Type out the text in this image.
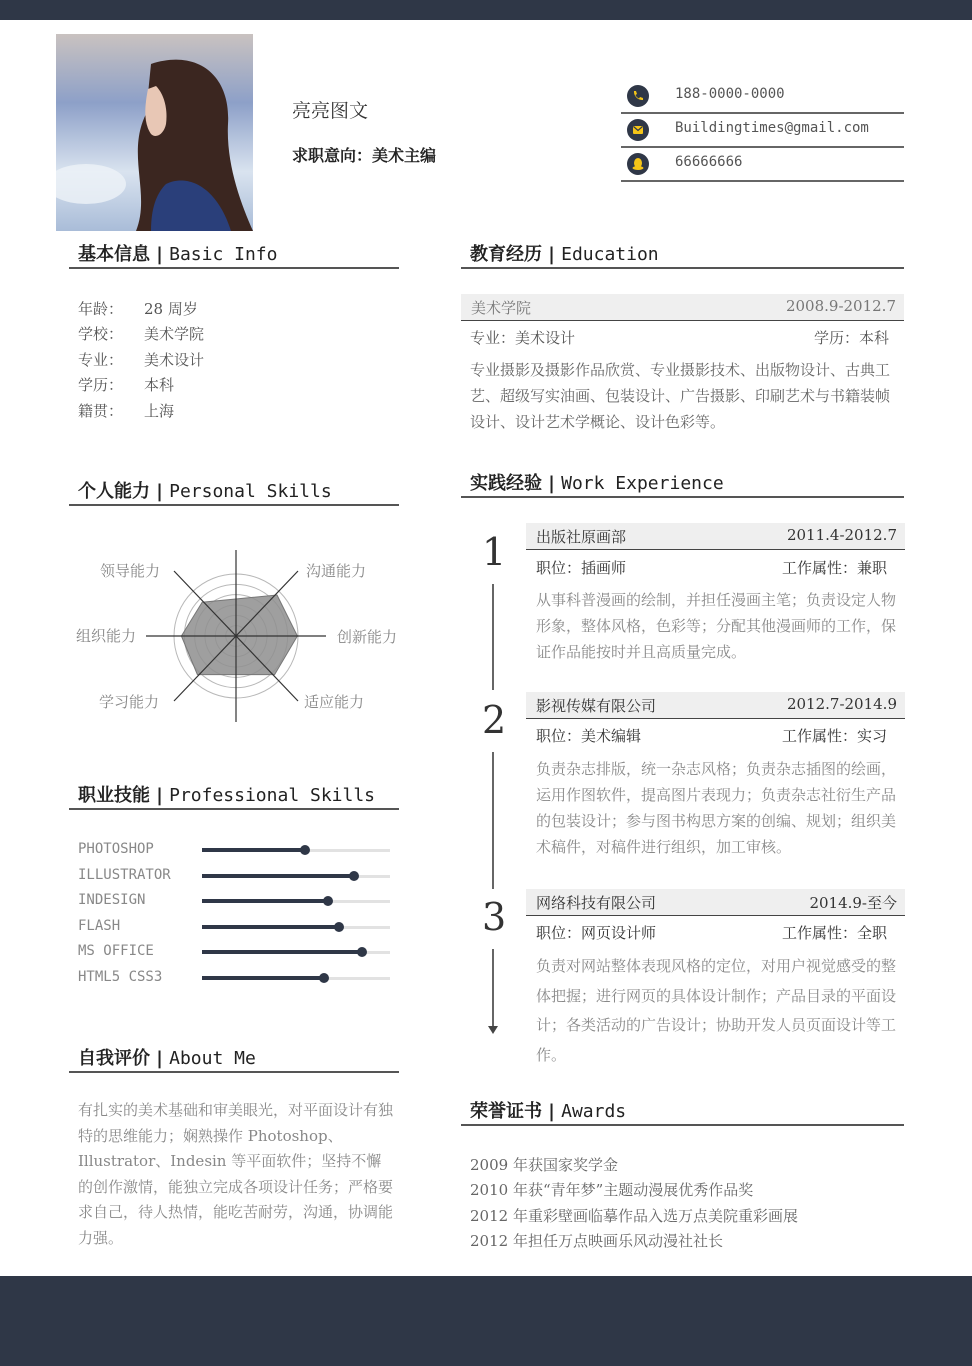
亮亮图文
求职意向：美术主编
188-0000-0000
Buildingtimes@gmail.com
66666666
基本信息 | Basic Info
年龄： 28 周岁
学校： 美术学院
专业： 美术设计
学历： 本科
籍贯： 上海
个人能力 | Personal Skills
沟通能力
创新能力
适应能力
学习能力
组织能力
领导能力
职业技能 | Professional Skills
PHOTOSHOP
ILLUSTRATOR
INDESIGN
FLASH
MS OFFICE
HTML5 CSS3
自我评价 | About Me
有扎实的美术基础和审美眼光，对平面设计有独特的思维能力；娴熟操作 Photoshop、Illustrator、Indesin 等平面软件；坚持不懈的创作激情，能独立完成各项设计任务；严格要求自己，待人热情，能吃苦耐劳，沟通，协调能力强。
教育经历 | Education
美术学院	2008.9-2012.7
专业：美术设计	学历：本科
专业摄影及摄影作品欣赏、专业摄影技术、出版物设计、古典工艺、超级写实油画、包装设计、广告摄影、印刷艺术与书籍装帧设计、设计艺术学概论、设计色彩等。
实践经验 | Work Experience
1
2
3
出版社原画部	2011.4-2012.7
职位：插画师	工作属性：兼职
从事科普漫画的绘制，并担任漫画主笔；负责设定人物形象，整体风格，色彩等；分配其他漫画师的工作，保证作品能按时并且高质量完成。
影视传媒有限公司	2012.7-2014.9
职位：美术编辑	工作属性：实习
负责杂志排版，统一杂志风格；负责杂志插图的绘画，运用作图软件，提高图片表现力；负责杂志社衍生产品的包装设计；参与图书构思方案的创编、规划；组织美术稿件，对稿件进行组织，加工审核。
网络科技有限公司	2014.9-至今
职位：网页设计师	工作属性：全职
负责对网站整体表现风格的定位，对用户视觉感受的整体把握；进行网页的具体设计制作；产品目录的平面设计；各类活动的广告设计；协助开发人员页面设计等工作。
荣誉证书 | Awards
2009 年获国家奖学金
2010 年获“青年梦”主题动漫展优秀作品奖
2012 年重彩壁画临摹作品入选万点美院重彩画展
2012 年担任万点映画乐风动漫社社长
